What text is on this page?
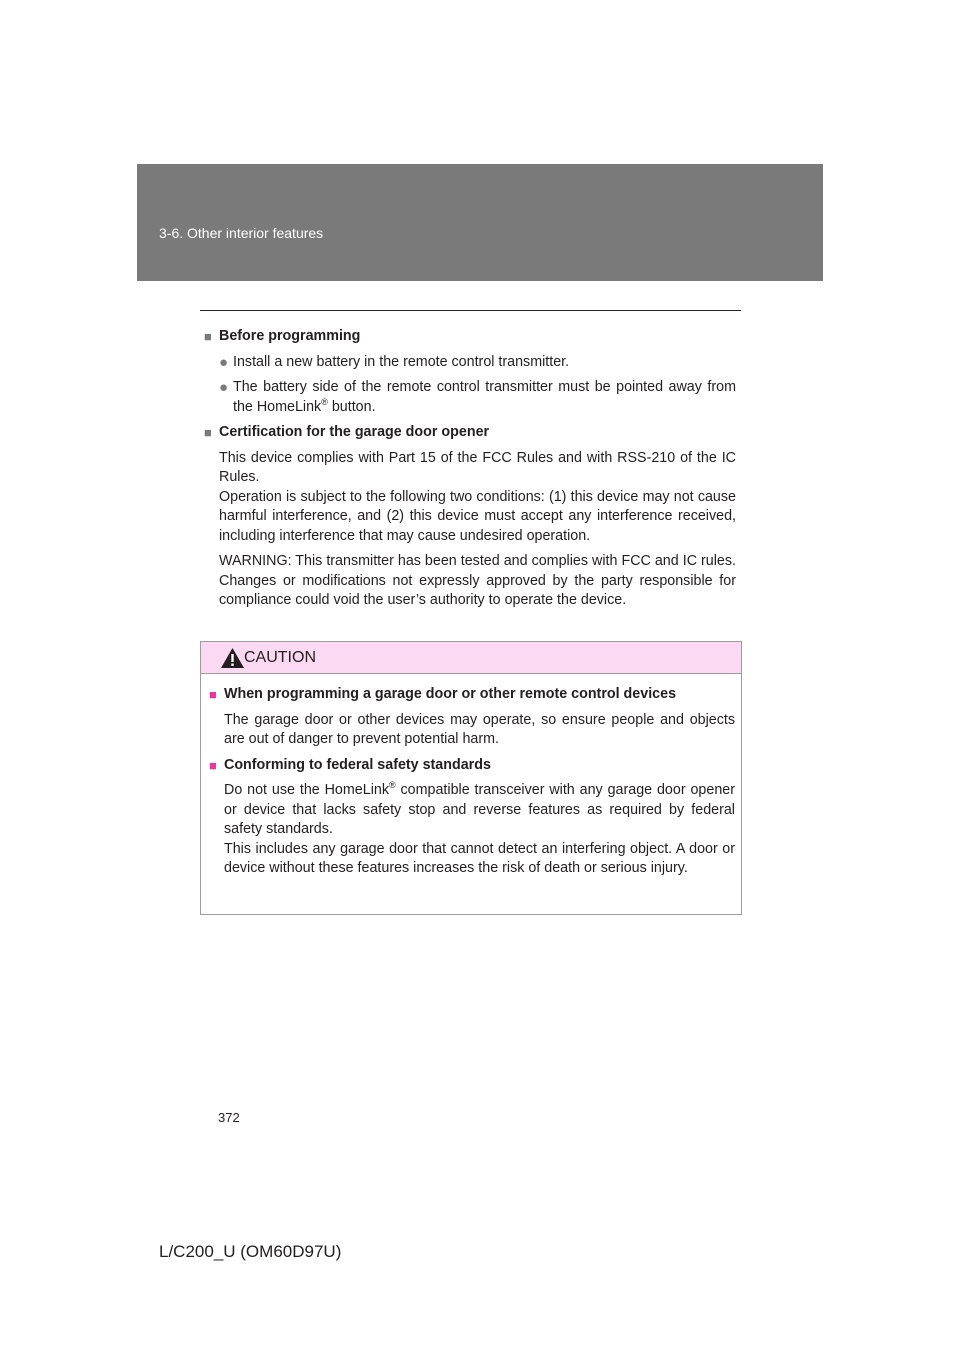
3-6. Other interior features
■ Before programming
● Install a new battery in the remote control transmitter.
● The battery side of the remote control transmitter must be pointed away from the HomeLink® button.
■ Certification for the garage door opener
This device complies with Part 15 of the FCC Rules and with RSS-210 of the IC Rules.
Operation is subject to the following two conditions: (1) this device may not cause harmful interference, and (2) this device must accept any interference received, including interference that may cause undesired operation.
WARNING: This transmitter has been tested and complies with FCC and IC rules. Changes or modifications not expressly approved by the party responsible for compliance could void the user’s authority to operate the device.
CAUTION
■ When programming a garage door or other remote control devices
The garage door or other devices may operate, so ensure people and objects are out of danger to prevent potential harm.
■ Conforming to federal safety standards
Do not use the HomeLink® compatible transceiver with any garage door opener or device that lacks safety stop and reverse features as required by federal safety standards.
This includes any garage door that cannot detect an interfering object. A door or device without these features increases the risk of death or serious injury.
372
L/C200_U (OM60D97U)
